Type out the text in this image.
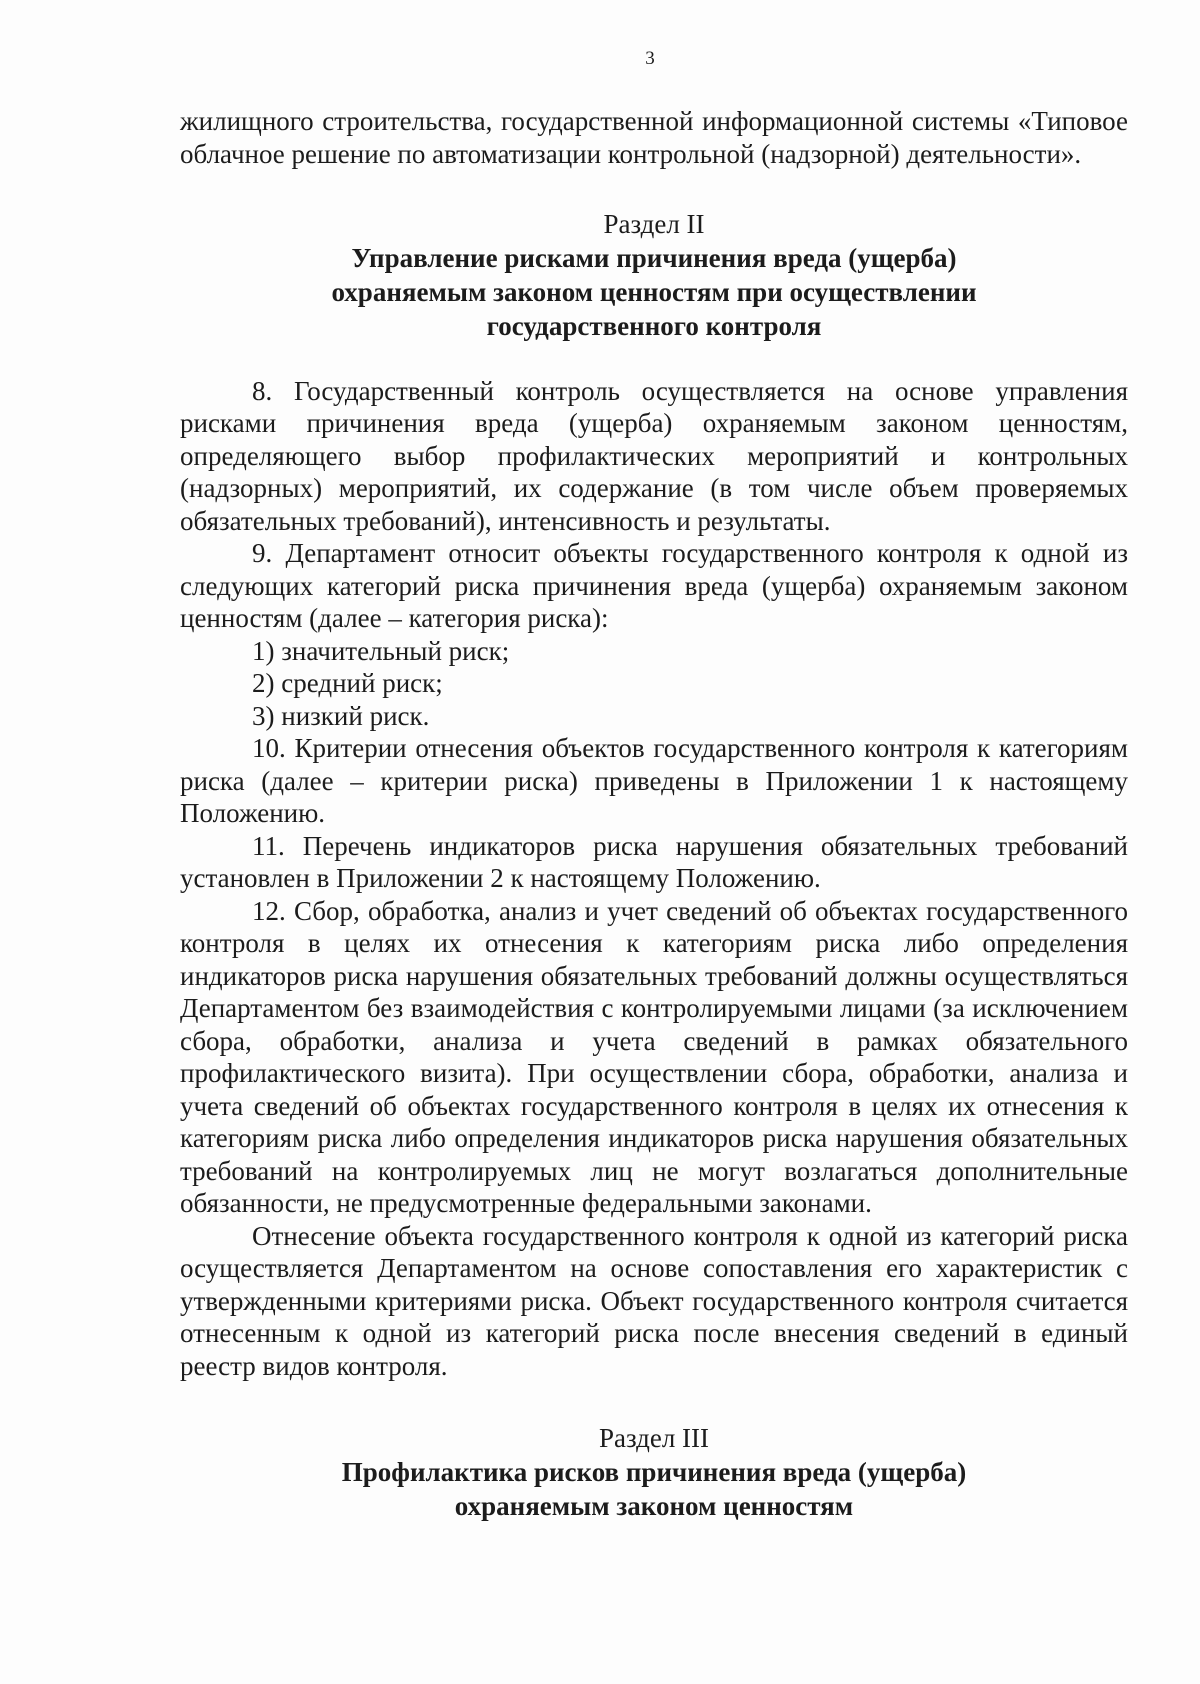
3

жилищного строительства, государственной информационной системы «Типовое облачное решение по автоматизации контрольной (надзорной) деятельности».

Раздел II

Управление рисками причинения вреда (ущерба)

охраняемым законом ценностям при осуществлении

государственного контроля

8. Государственный контроль осуществляется на основе управления рисками причинения вреда (ущерба) охраняемым законом ценностям, определяющего выбор профилактических мероприятий и контрольных (надзорных) мероприятий, их содержание (в том числе объем проверяемых обязательных требований), интенсивность и результаты.

9. Департамент относит объекты государственного контроля к одной из следующих категорий риска причинения вреда (ущерба) охраняемым законом ценностям (далее – категория риска):

1) значительный риск;

2) средний риск;

3) низкий риск.

10. Критерии отнесения объектов государственного контроля к категориям риска (далее – критерии риска) приведены в Приложении 1 к настоящему Положению.

11. Перечень индикаторов риска нарушения обязательных требований установлен в Приложении 2 к настоящему Положению.

12. Сбор, обработка, анализ и учет сведений об объектах государственного контроля в целях их отнесения к категориям риска либо определения индикаторов риска нарушения обязательных требований должны осуществляться Департаментом без взаимодействия с контролируемыми лицами (за исключением сбора, обработки, анализа и учета сведений в рамках обязательного профилактического визита). При осуществлении сбора, обработки, анализа и учета сведений об объектах государственного контроля в целях их отнесения к категориям риска либо определения индикаторов риска нарушения обязательных требований на контролируемых лиц не могут возлагаться дополнительные обязанности, не предусмотренные федеральными законами.

Отнесение объекта государственного контроля к одной из категорий риска осуществляется Департаментом на основе сопоставления его характеристик с утвержденными критериями риска. Объект государственного контроля считается отнесенным к одной из категорий риска после внесения сведений в единый реестр видов контроля.

Раздел III

Профилактика рисков причинения вреда (ущерба)

охраняемым законом ценностям
